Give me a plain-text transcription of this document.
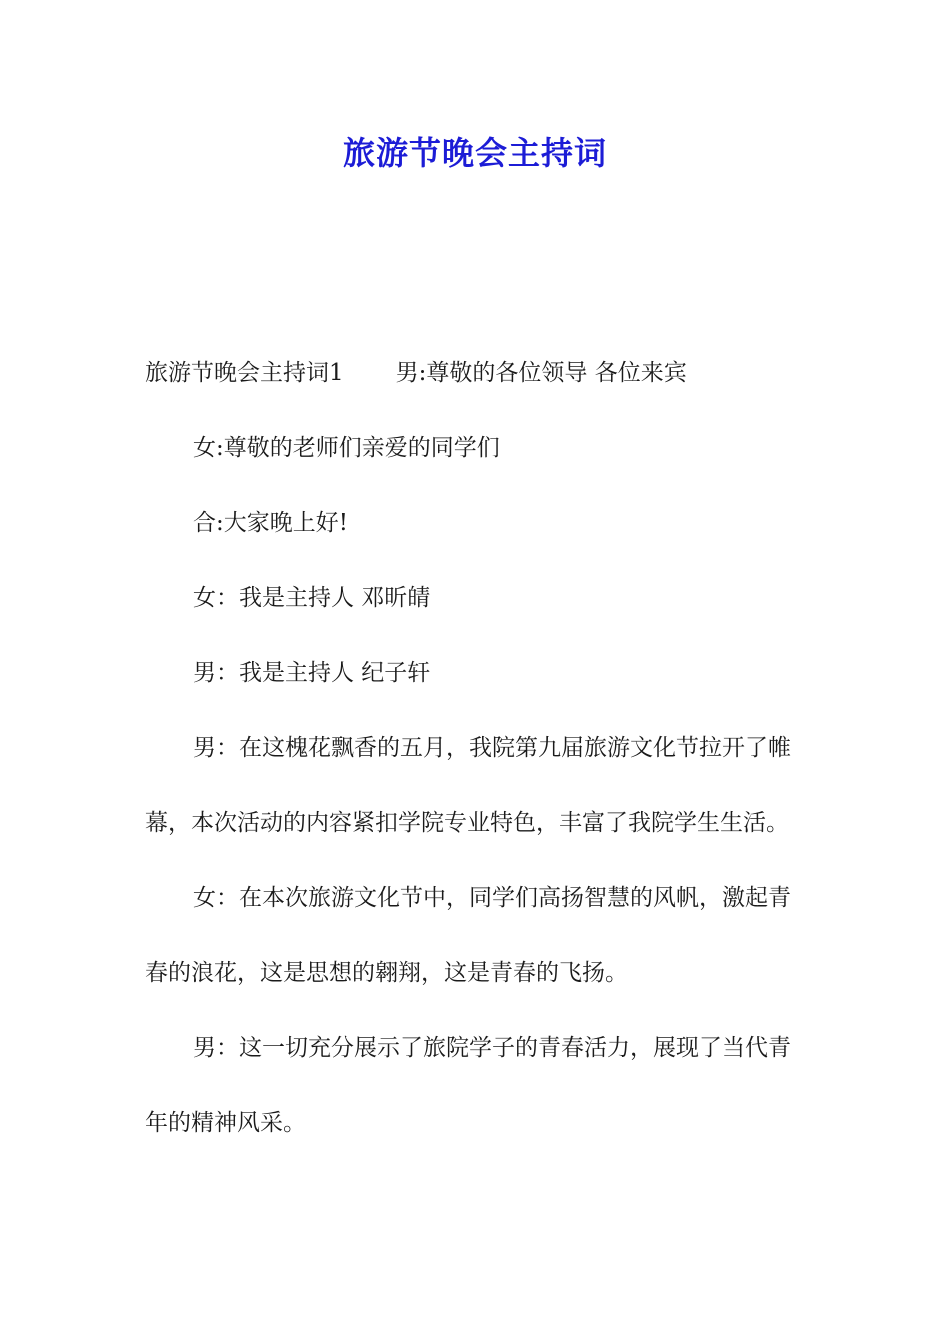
旅游节晚会主持词

旅游节晚会主持词1 男:尊敬的各位领导 各位来宾

女:尊敬的老师们亲爱的同学们

合:大家晚上好!

女：我是主持人 邓昕皘

男：我是主持人 纪子轩

男：在这槐花飘香的五月，我院第九届旅游文化节拉开了帷幕，本次活动的内容紧扣学院专业特色，丰富了我院学生生活。

女：在本次旅游文化节中，同学们高扬智慧的风帆，激起青春的浪花，这是思想的翱翔，这是青春的飞扬。

男：这一切充分展示了旅院学子的青春活力，展现了当代青年的精神风采。
